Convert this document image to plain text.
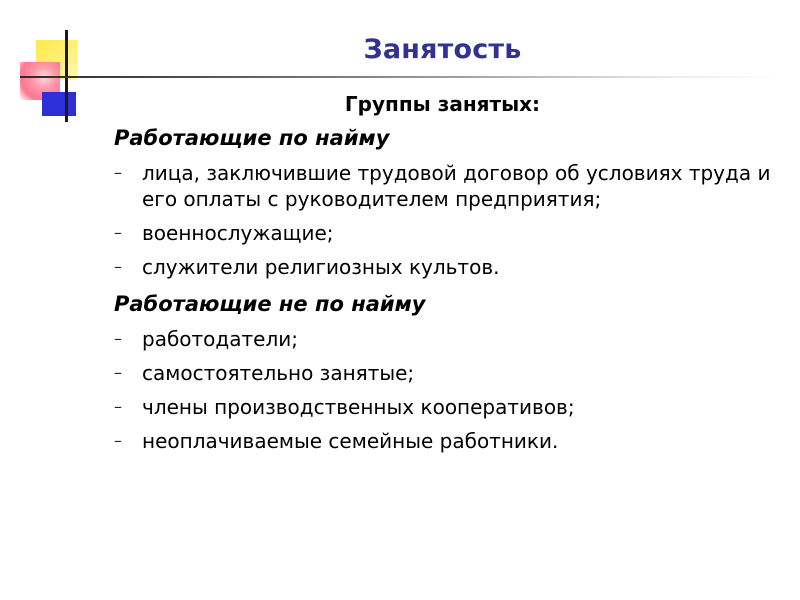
Занятость
Группы занятых:
Работающие по найму
–	лица, заключившие трудовой договор об условиях труда и его оплаты с руководителем предприятия;
–	военнослужащие;
–	служители религиозных культов.
Работающие не по найму
–	работодатели;
–	самостоятельно занятые;
–	члены производственных кооперативов;
–	неоплачиваемые семейные работники.
